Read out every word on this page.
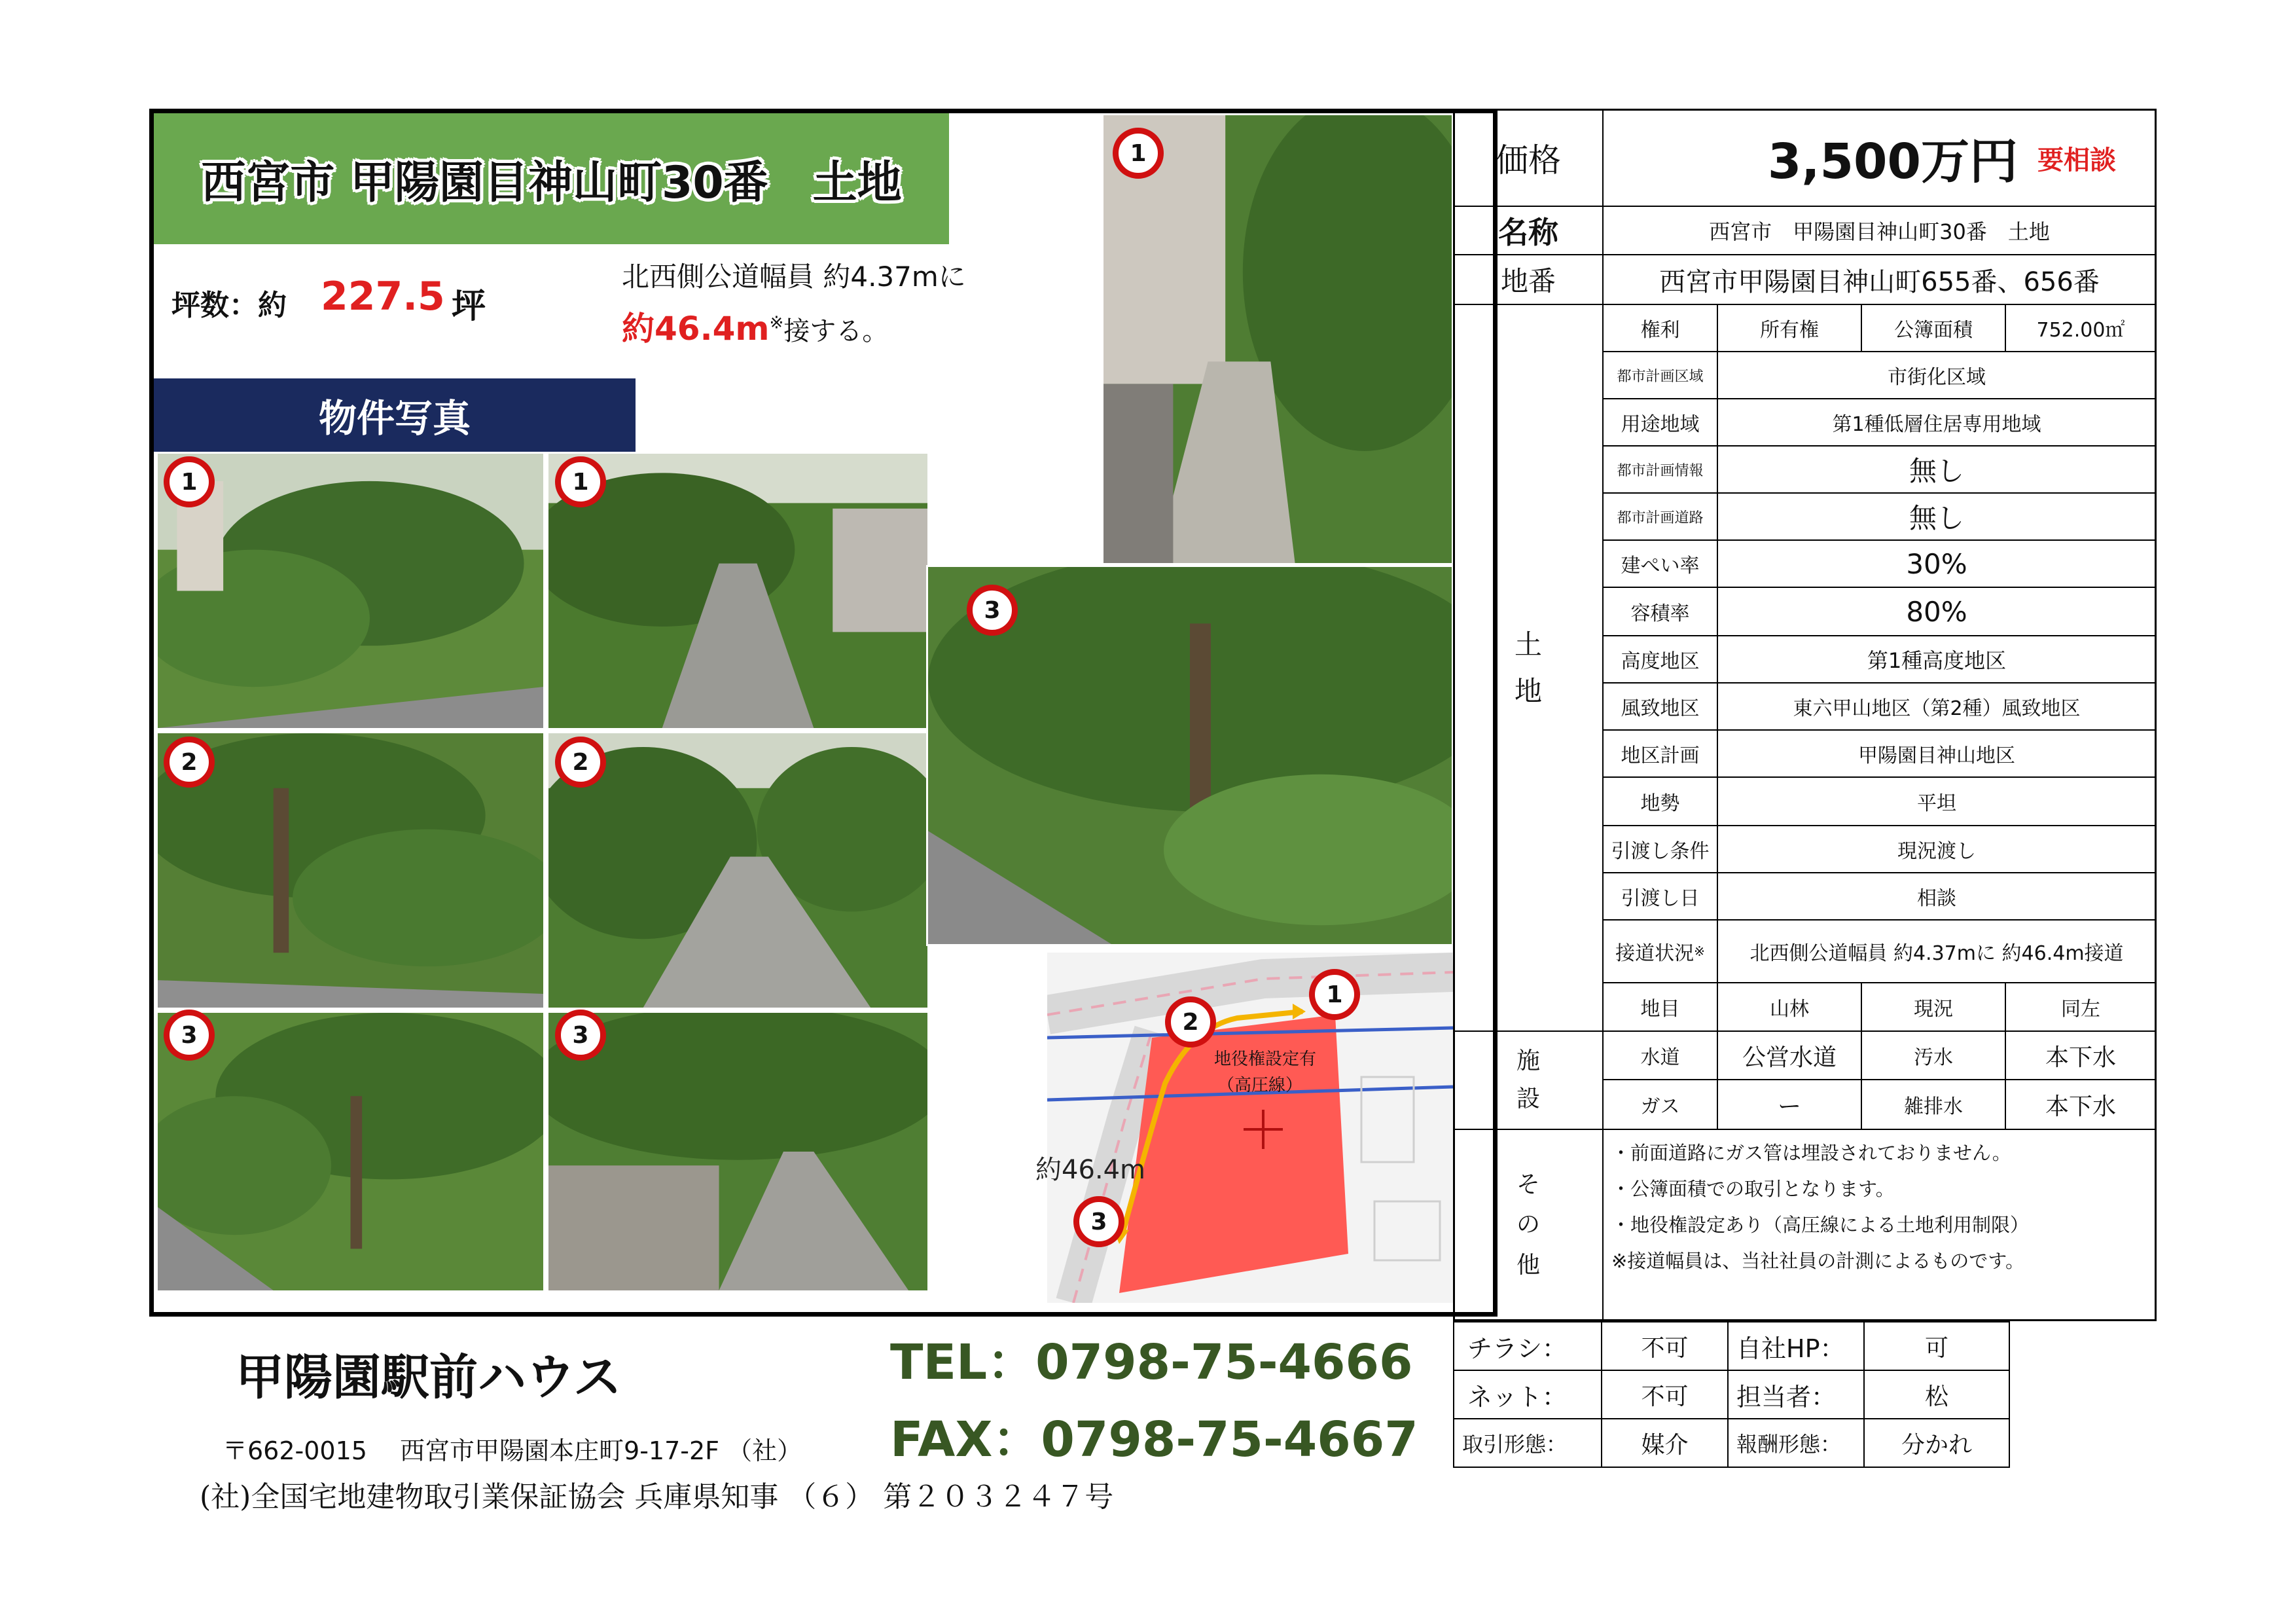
西宮市 甲陽園目神山町30番　土地
坪数：約 227.5 坪
北西側公道幅員 約4.37mに
約46.4m※接する。
物件写真
1	1
2	2
3	3
1
3
地役権設定有
（高圧線）
1
2
3
約46.4m
価格	3,500万円 要相談
名称	西宮市　甲陽園目神山町30番　土地
地番	西宮市甲陽園目神山町655番、656番
土
地
権利	所有権	公簿面積	752.00㎡
都市計画区域	市街化区域
用途地域	第1種低層住居専用地域
都市計画情報	無し
都市計画道路	無し
建ぺい率	30%
容積率	80%
高度地区	第1種高度地区
風致地区	東六甲山地区（第2種）風致地区
地区計画	甲陽園目神山地区
地勢	平坦
引渡し条件	現況渡し
引渡し日	相談
接道状況 ※	北西側公道幅員 約4.37mに 約46.4m接道
地目	山林	現況	同左
施
設
水道	公営水道	汚水	本下水
ガス	ー	雑排水	本下水
そ
の
他
・前面道路にガス管は埋設されておりません。
・公簿面積での取引となります。
・地役権設定あり（高圧線による土地利用制限）
※接道幅員は、当社社員の計測によるものです。
チラシ：	不可	自社HP：	可
ネット：	不可	担当者：	松
取引形態：	媒介	報酬形態：	分かれ
甲陽園駅前ハウス
〒662-0015　 西宮市甲陽園本庄町9-17-2F （社）
(社)全国宅地建物取引業保証協会 兵庫県知事 （６） 第２０３２４７号
TEL：0798-75-4666
FAX：0798-75-4667
